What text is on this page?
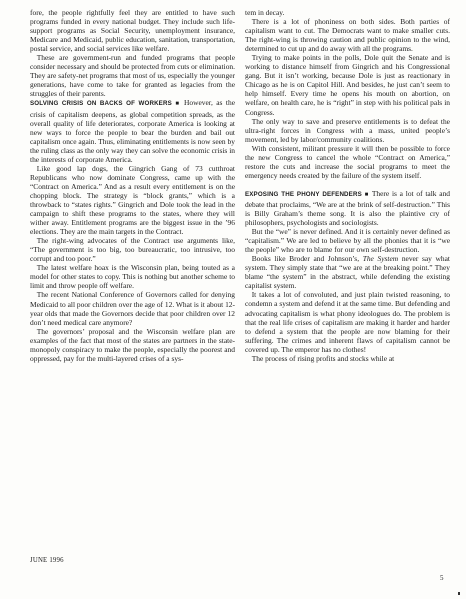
fore, the people rightfully feel they are entitled to have such programs funded in every national budget. They include such life-support programs as Social Security, unemployment insurance, Medicare and Medicaid, public education, sanitation, transportation, postal service, and social services like welfare.

These are government-run and funded programs that people consider necessary and should be protected from cuts or elimination. They are safety-net programs that most of us, especially the younger generations, have come to take for granted as legacies from the struggles of their parents.

SOLVING CRISIS ON BACKS OF WORKERS ■ However, as the crisis of capitalism deepens, as global competition spreads, as the overall quality of life deteriorates, corporate America is looking at new ways to force the people to bear the burden and bail out capitalism once again. Thus, eliminating entitlements is now seen by the ruling class as the only way they can solve the economic crisis in the interests of corporate America.

Like good lap dogs, the Gingrich Gang of 73 cutthroat Republicans who now dominate Congress, came up with the “Contract on America.” And as a result every entitlement is on the chopping block. The strategy is “block grants,” which is a throwback to “states rights.” Gingrich and Dole took the lead in the campaign to shift these programs to the states, where they will wither away. Entitlement programs are the biggest issue in the ’96 elections. They are the main targets in the Contract.

The right-wing advocates of the Contract use arguments like, “The government is too big, too bureaucratic, too intrusive, too corrupt and too poor.”

The latest welfare hoax is the Wisconsin plan, being touted as a model for other states to copy. This is nothing but another scheme to limit and throw people off welfare.

The recent National Conference of Governors called for denying Medicaid to all poor children over the age of 12. What is it about 12-year olds that made the Governors decide that poor children over 12 don’t need medical care anymore?

The governors’ proposal and the Wisconsin welfare plan are examples of the fact that most of the states are partners in the state-monopoly conspiracy to make the people, especially the poorest and oppressed, pay for the multi-layered crises of a sys-

tem in decay.

There is a lot of phoniness on both sides. Both parties of capitalism want to cut. The Democrats want to make smaller cuts. The right-wing is throwing caution and public opinion to the wind, determined to cut up and do away with all the programs.

Trying to make points in the polls, Dole quit the Senate and is working to distance himself from Gingrich and his Congressional gang. But it isn’t working, because Dole is just as reactionary in Chicago as he is on Capitol Hill. And besides, he just can’t seem to help himself. Every time he opens his mouth on abortion, on welfare, on health care, he is “right” in step with his political pals in Congress.

The only way to save and preserve entitlements is to defeat the ultra-right forces in Congress with a mass, united people’s movement, led by labor/community coalitions.

With consistent, militant pressure it will then be possible to force the new Congress to cancel the whole “Contract on America,” restore the cuts and increase the social programs to meet the emergency needs created by the failure of the system itself.

EXPOSING THE PHONY DEFENDERS ■ There is a lot of talk and debate that proclaims, “We are at the brink of self-destruction.” This is Billy Graham’s theme song. It is also the plaintive cry of philosophers, psychologists and sociologists.

But the “we” is never defined. And it is certainly never defined as “capitalism.” We are led to believe by all the phonies that it is “we the people” who are to blame for our own self-destruction.

Books like Broder and Johnson’s, The System never say what system. They simply state that “we are at the breaking point.” They blame “the system” in the abstract, while defending the existing capitalist system.

It takes a lot of convoluted, and just plain twisted reasoning, to condemn a system and defend it at the same time. But defending and advocating capitalism is what phony ideologues do. The problem is that the real life crises of capitalism are making it harder and harder to defend a system that the people are now blaming for their suffering. The crimes and inherent flaws of capitalism cannot be covered up. The emperor has no clothes!

The process of rising profits and stocks while at

JUNE 1996
5
